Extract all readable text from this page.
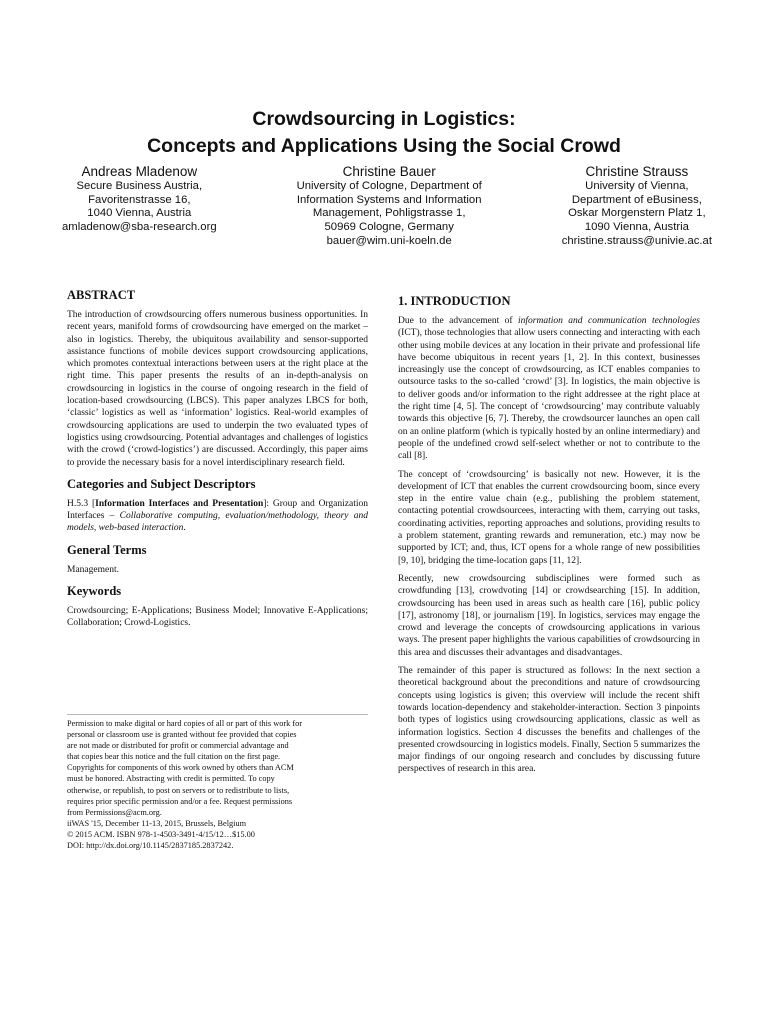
Crowdsourcing in Logistics:
Concepts and Applications Using the Social Crowd
Andreas Mladenow
Secure Business Austria,
Favoritenstrasse 16,
1040 Vienna, Austria
amladenow@sba-research.org
Christine Bauer
University of Cologne, Department of
Information Systems and Information
Management, Pohligstrasse 1,
50969 Cologne, Germany
bauer@wim.uni-koeln.de
Christine Strauss
University of Vienna,
Department of eBusiness,
Oskar Morgenstern Platz 1,
1090 Vienna, Austria
christine.strauss@univie.ac.at
ABSTRACT

The introduction of crowdsourcing offers numerous business opportunities. In recent years, manifold forms of crowdsourcing have emerged on the market – also in logistics. Thereby, the ubiquitous availability and sensor-supported assistance functions of mobile devices support crowdsourcing applications, which promotes contextual interactions between users at the right place at the right time. This paper presents the results of an in-depth-analysis on crowdsourcing in logistics in the course of ongoing research in the field of location-based crowdsourcing (LBCS). This paper analyzes LBCS for both, ‘classic’ logistics as well as ‘information’ logistics. Real-world examples of crowdsourcing applications are used to underpin the two evaluated types of logistics using crowdsourcing. Potential advantages and challenges of logistics with the crowd (‘crowd-logistics’) are discussed. Accordingly, this paper aims to provide the necessary basis for a novel interdisciplinary research field.

Categories and Subject Descriptors

H.5.3 [Information Interfaces and Presentation]: Group and Organization Interfaces – Collaborative computing, evaluation/methodology, theory and models, web-based interaction.

General Terms

Management.

Keywords

Crowdsourcing; E-Applications; Business Model; Innovative E-Applications; Collaboration; Crowd-Logistics.

Permission to make digital or hard copies of all or part of this work for
personal or classroom use is granted without fee provided that copies
are not made or distributed for profit or commercial advantage and
that copies bear this notice and the full citation on the first page.
Copyrights for components of this work owned by others than ACM
must be honored. Abstracting with credit is permitted. To copy
otherwise, or republish, to post on servers or to redistribute to lists,
requires prior specific permission and/or a fee. Request permissions
from Permissions@acm.org.
iiWAS '15, December 11-13, 2015, Brussels, Belgium
© 2015 ACM. ISBN 978-1-4503-3491-4/15/12…$15.00
DOI: http://dx.doi.org/10.1145/2837185.2837242.
1. INTRODUCTION

Due to the advancement of information and communication technologies (ICT), those technologies that allow users connecting and interacting with each other using mobile devices at any location in their private and professional life have become ubiquitous in recent years [1, 2]. In this context, businesses increasingly use the concept of crowdsourcing, as ICT enables companies to outsource tasks to the so-called ‘crowd’ [3]. In logistics, the main objective is to deliver goods and/or information to the right addressee at the right place at the right time [4, 5]. The concept of ‘crowdsourcing’ may contribute valuably towards this objective [6, 7]. Thereby, the crowdsourcer launches an open call on an online platform (which is typically hosted by an online intermediary) and people of the undefined crowd self-select whether or not to contribute to the call [8].

The concept of ‘crowdsourcing’ is basically not new. However, it is the development of ICT that enables the current crowdsourcing boom, since every step in the entire value chain (e.g., publishing the problem statement, contacting potential crowdsourcees, interacting with them, carrying out tasks, coordinating activities, reporting approaches and solutions, providing results to a problem statement, granting rewards and remuneration, etc.) may now be supported by ICT; and, thus, ICT opens for a whole range of new possibilities [9, 10], bridging the time-location gaps [11, 12].

Recently, new crowdsourcing subdisciplines were formed such as crowdfunding [13], crowdvoting [14] or crowdsearching [15]. In addition, crowdsourcing has been used in areas such as health care [16], public policy [17], astronomy [18], or journalism [19]. In logistics, services may engage the crowd and leverage the concepts of crowdsourcing applications in various ways. The present paper highlights the various capabilities of crowdsourcing in this area and discusses their advantages and disadvantages.

The remainder of this paper is structured as follows: In the next section a theoretical background about the preconditions and nature of crowdsourcing concepts using logistics is given; this overview will include the recent shift towards location-dependency and stakeholder-interaction. Section 3 pinpoints both types of logistics using crowdsourcing applications, classic as well as information logistics. Section 4 discusses the benefits and challenges of the presented crowdsourcing in logistics models. Finally, Section 5 summarizes the major findings of our ongoing research and concludes by discussing future perspectives of research in this area.
